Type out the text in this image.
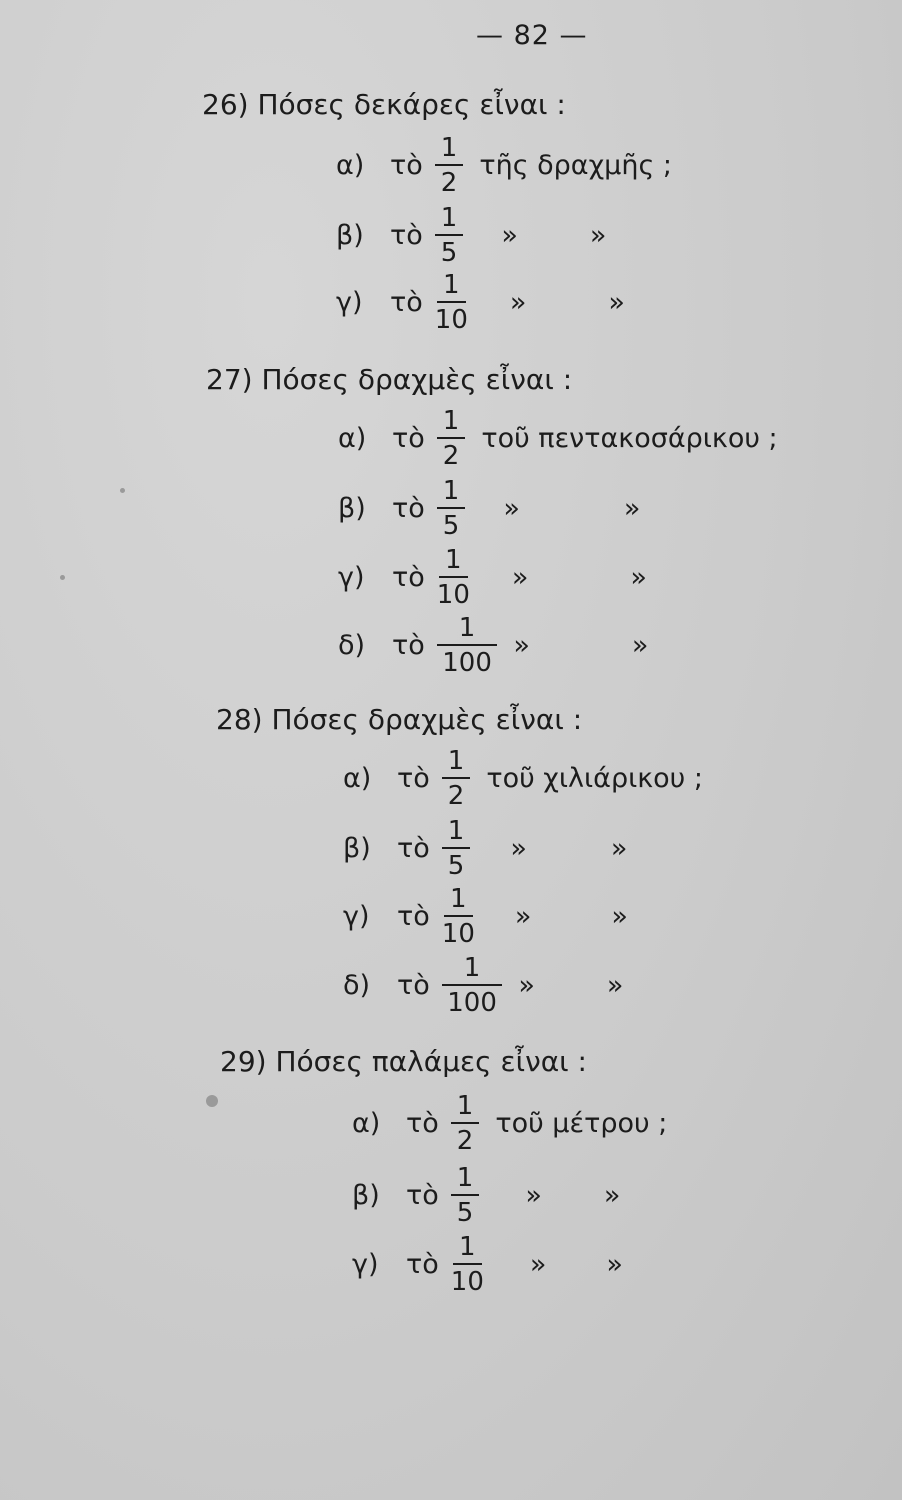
— 82 —
26) Πόσες δεκάρες εἶναι :
α) τὸ $\frac{1}{2}$ τῆς δραχμῆς ;
β) τὸ $\frac{1}{5}$ »	»
γ)	τὸ $\frac{1}{10}$ »	»
27) Πόσες δραχμὲς εἶναι :
α) τὸ $\frac{1}{2}$ τοῦ πεντακοσάρικου ;
β) τὸ $\frac{1}{5}$ »	»
γ)	τὸ $\frac{1}{10}$ »	»
δ) τὸ $\frac{1}{100}$ »	»
28) Πόσες δραχμὲς εἶναι :
α) τὸ $\frac{1}{2}$ τοῦ χιλιάρικου ;
β) τὸ $\frac{1}{5}$ »	»
γ)	τὸ $\frac{1}{10}$ »	»
δ) τὸ $\frac{1}{100}$ »	»
29) Πόσες παλάμες εἶναι :
α) τὸ $\frac{1}{2}$ τοῦ μέτρου ;
β) τὸ $\frac{1}{5}$ » »
γ)	τὸ $\frac{1}{10}$ » »
